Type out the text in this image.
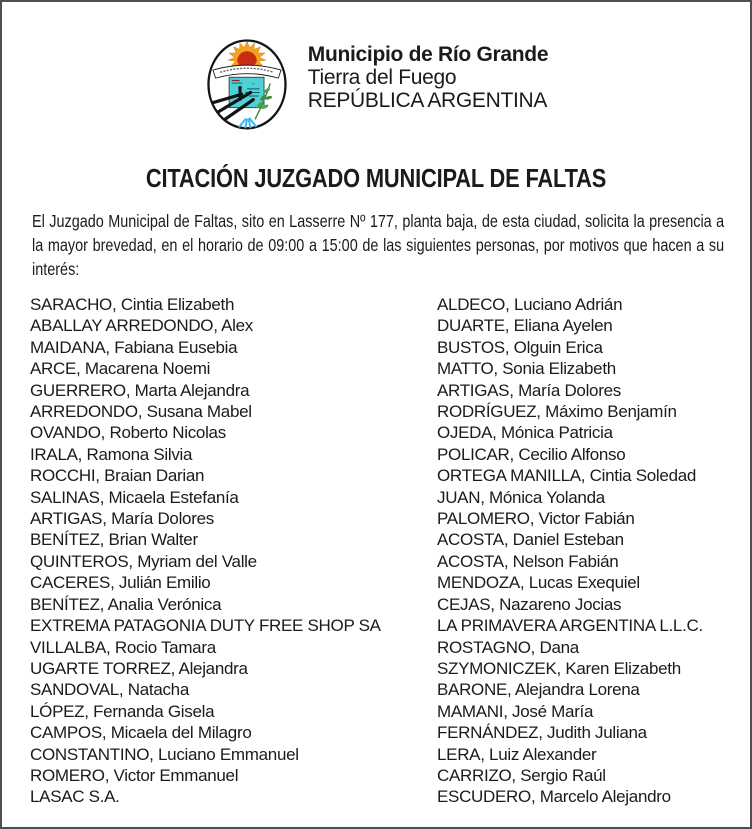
Municipio de Río Grande
Tierra del Fuego
REPÚBLICA ARGENTINA
CITACIÓN JUZGADO MUNICIPAL DE FALTAS

El Juzgado Municipal de Faltas, sito en Lasserre Nº 177, planta baja, de esta ciudad, solicita la presencia a la mayor brevedad, en el horario de 09:00 a 15:00 de las siguientes personas, por motivos que hacen a su interés:

SARACHO, Cintia Elizabeth
ABALLAY ARREDONDO, Alex
MAIDANA, Fabiana Eusebia
ARCE, Macarena Noemi
GUERRERO, Marta Alejandra
ARREDONDO, Susana Mabel
OVANDO, Roberto Nicolas
IRALA, Ramona Silvia
ROCCHI, Braian Darian
SALINAS, Micaela Estefanía
ARTIGAS, María Dolores
BENÍTEZ, Brian Walter
QUINTEROS, Myriam del Valle
CACERES, Julián Emilio
BENÍTEZ, Analia Verónica
EXTREMA PATAGONIA DUTY FREE SHOP SA
VILLALBA, Rocio Tamara
UGARTE TORREZ, Alejandra
SANDOVAL, Natacha
LÓPEZ, Fernanda Gisela
CAMPOS, Micaela del Milagro
CONSTANTINO, Luciano Emmanuel
ROMERO, Victor Emmanuel
LASAC S.A.
ALDECO, Luciano Adrián
DUARTE, Eliana Ayelen
BUSTOS, Olguin Erica
MATTO, Sonia Elizabeth
ARTIGAS, María Dolores
RODRÍGUEZ, Máximo Benjamín
OJEDA, Mónica Patricia
POLICAR, Cecilio Alfonso
ORTEGA MANILLA, Cintia Soledad
JUAN, Mónica Yolanda
PALOMERO, Victor Fabián
ACOSTA, Daniel Esteban
ACOSTA, Nelson Fabián
MENDOZA, Lucas Exequiel
CEJAS, Nazareno Jocias
LA PRIMAVERA ARGENTINA L.L.C.
ROSTAGNO, Dana
SZYMONICZEK, Karen Elizabeth
BARONE, Alejandra Lorena
MAMANI, José María
FERNÁNDEZ, Judith Juliana
LERA, Luiz Alexander
CARRIZO, Sergio Raúl
ESCUDERO, Marcelo Alejandro
